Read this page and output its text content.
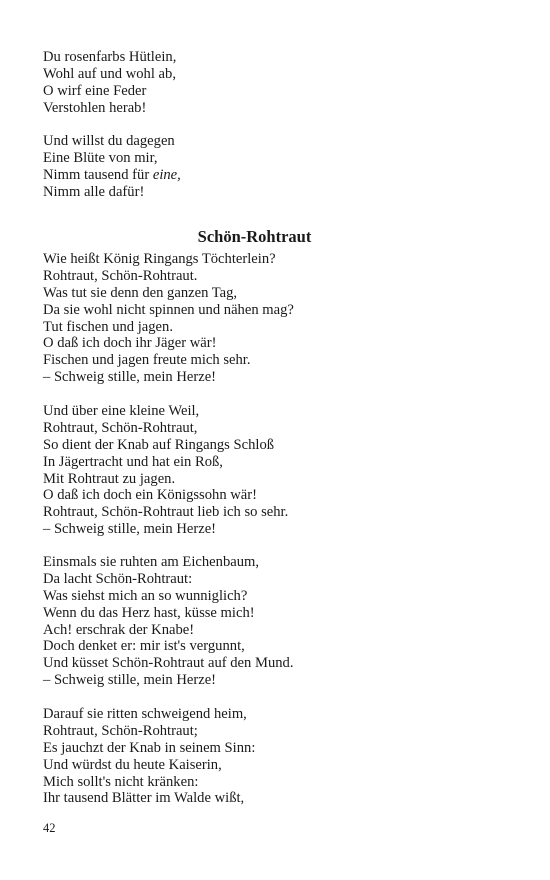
Du rosenfarbs Hütlein,
Wohl auf und wohl ab,
O wirf eine Feder
Verstohlen herab!
Und willst du dagegen
Eine Blüte von mir,
Nimm tausend für eine,
Nimm alle dafür!
Schön-Rohtraut
Wie heißt König Ringangs Töchterlein?
Rohtraut, Schön-Rohtraut.
Was tut sie denn den ganzen Tag,
Da sie wohl nicht spinnen und nähen mag?
Tut fischen und jagen.
O daß ich doch ihr Jäger wär!
Fischen und jagen freute mich sehr.
– Schweig stille, mein Herze!
Und über eine kleine Weil,
Rohtraut, Schön-Rohtraut,
So dient der Knab auf Ringangs Schloß
In Jägertracht und hat ein Roß,
Mit Rohtraut zu jagen.
O daß ich doch ein Königssohn wär!
Rohtraut, Schön-Rohtraut lieb ich so sehr.
– Schweig stille, mein Herze!
Einsmals sie ruhten am Eichenbaum,
Da lacht Schön-Rohtraut:
Was siehst mich an so wunniglich?
Wenn du das Herz hast, küsse mich!
Ach! erschrak der Knabe!
Doch denket er: mir ist's vergunnt,
Und küsset Schön-Rohtraut auf den Mund.
– Schweig stille, mein Herze!
Darauf sie ritten schweigend heim,
Rohtraut, Schön-Rohtraut;
Es jauchzt der Knab in seinem Sinn:
Und würdst du heute Kaiserin,
Mich sollt's nicht kränken:
Ihr tausend Blätter im Walde wißt,
42
